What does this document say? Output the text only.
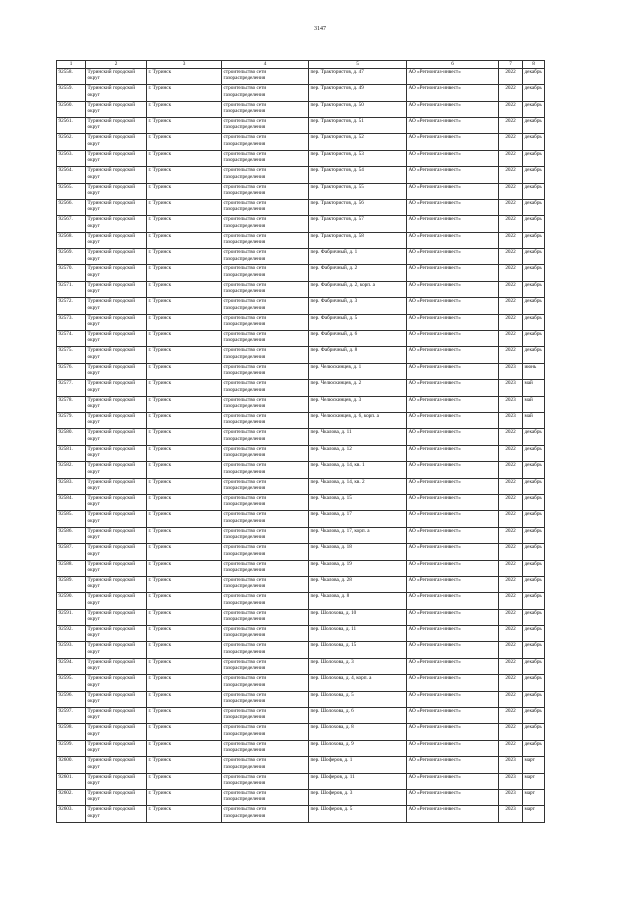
3147
1	2	3	4	5	6	7	8
92558.	Туринский городской округ	г. Туринск	строительство сети газораспределения	пер. Трактористов, д. 47	АО «Регионгаз-инвест»	2022	декабрь
92559.	Туринский городской округ	г. Туринск	строительство сети газораспределения	пер. Трактористов, д. 49	АО «Регионгаз-инвест»	2022	декабрь
92560.	Туринский городской округ	г. Туринск	строительство сети газораспределения	пер. Трактористов, д. 50	АО «Регионгаз-инвест»	2022	декабрь
92561.	Туринский городской округ	г. Туринск	строительство сети газораспределения	пер. Трактористов, д. 51	АО «Регионгаз-инвест»	2022	декабрь
92562.	Туринский городской округ	г. Туринск	строительство сети газораспределения	пер. Трактористов, д. 52	АО «Регионгаз-инвест»	2022	декабрь
92563.	Туринский городской округ	г. Туринск	строительство сети газораспределения	пер. Трактористов, д. 53	АО «Регионгаз-инвест»	2022	декабрь
92564.	Туринский городской округ	г. Туринск	строительство сети газораспределения	пер. Трактористов, д. 54	АО «Регионгаз-инвест»	2022	декабрь
92565.	Туринский городской округ	г. Туринск	строительство сети газораспределения	пер. Трактористов, д. 55	АО «Регионгаз-инвест»	2022	декабрь
92566.	Туринский городской округ	г. Туринск	строительство сети газораспределения	пер. Трактористов, д. 56	АО «Регионгаз-инвест»	2022	декабрь
92567.	Туринский городской округ	г. Туринск	строительство сети газораспределения	пер. Трактористов, д. 57	АО «Регионгаз-инвест»	2022	декабрь
92568.	Туринский городской округ	г. Туринск	строительство сети газораспределения	пер. Трактористов, д. 58	АО «Регионгаз-инвест»	2022	декабрь
92569.	Туринский городской округ	г. Туринск	строительство сети газораспределения	пер. Фабричный, д. 1	АО «Регионгаз-инвест»	2022	декабрь
92570.	Туринский городской округ	г. Туринск	строительство сети газораспределения	пер. Фабричный, д. 2	АО «Регионгаз-инвест»	2022	декабрь
92571.	Туринский городской округ	г. Туринск	строительство сети газораспределения	пер. Фабричный, д. 2, корп. а	АО «Регионгаз-инвест»	2022	декабрь
92572.	Туринский городской округ	г. Туринск	строительство сети газораспределения	пер. Фабричный, д. 3	АО «Регионгаз-инвест»	2022	декабрь
92573.	Туринский городской округ	г. Туринск	строительство сети газораспределения	пер. Фабричный, д. 5	АО «Регионгаз-инвест»	2022	декабрь
92574.	Туринский городской округ	г. Туринск	строительство сети газораспределения	пер. Фабричный, д. 6	АО «Регионгаз-инвест»	2022	декабрь
92575.	Туринский городской округ	г. Туринск	строительство сети газораспределения	пер. Фабричный, д. 8	АО «Регионгаз-инвест»	2022	декабрь
92576.	Туринский городской округ	г. Туринск	строительство сети газораспределения	пер. Челюскинцев, д. 1	АО «Регионгаз-инвест»	2023	июнь
92577.	Туринский городской округ	г. Туринск	строительство сети газораспределения	пер. Челюскинцев, д. 2	АО «Регионгаз-инвест»	2023	май
92578.	Туринский городской округ	г. Туринск	строительство сети газораспределения	пер. Челюскинцев, д. 3	АО «Регионгаз-инвест»	2023	май
92579.	Туринский городской округ	г. Туринск	строительство сети газораспределения	пер. Челюскинцев, д. 6, корп. а	АО «Регионгаз-инвест»	2023	май
92580.	Туринский городской округ	г. Туринск	строительство сети газораспределения	пер. Чкалова, д. 11	АО «Регионгаз-инвест»	2022	декабрь
92581.	Туринский городской округ	г. Туринск	строительство сети газораспределения	пер. Чкалова, д. 12	АО «Регионгаз-инвест»	2022	декабрь
92582.	Туринский городской округ	г. Туринск	строительство сети газораспределения	пер. Чкалова, д. 14, кв. 1	АО «Регионгаз-инвест»	2022	декабрь
92583.	Туринский городской округ	г. Туринск	строительство сети газораспределения	пер. Чкалова, д. 14, кв. 2	АО «Регионгаз-инвест»	2022	декабрь
92584.	Туринский городской округ	г. Туринск	строительство сети газораспределения	пер. Чкалова, д. 15	АО «Регионгаз-инвест»	2022	декабрь
92585.	Туринский городской округ	г. Туринск	строительство сети газораспределения	пер. Чкалова, д. 17	АО «Регионгаз-инвест»	2022	декабрь
92586.	Туринский городской округ	г. Туринск	строительство сети газораспределения	пер. Чкалова, д. 17, корп. а	АО «Регионгаз-инвест»	2022	декабрь
92587.	Туринский городской округ	г. Туринск	строительство сети газораспределения	пер. Чкалова, д. 18	АО «Регионгаз-инвест»	2022	декабрь
92588.	Туринский городской округ	г. Туринск	строительство сети газораспределения	пер. Чкалова, д. 19	АО «Регионгаз-инвест»	2022	декабрь
92589.	Туринский городской округ	г. Туринск	строительство сети газораспределения	пер. Чкалова, д. 28	АО «Регионгаз-инвест»	2022	декабрь
92590.	Туринский городской округ	г. Туринск	строительство сети газораспределения	пер. Чкалова, д. 8	АО «Регионгаз-инвест»	2022	декабрь
92591.	Туринский городской округ	г. Туринск	строительство сети газораспределения	пер. Шолохова, д. 10	АО «Регионгаз-инвест»	2022	декабрь
92592.	Туринский городской округ	г. Туринск	строительство сети газораспределения	пер. Шолохова, д. 11	АО «Регионгаз-инвест»	2022	декабрь
92593.	Туринский городской округ	г. Туринск	строительство сети газораспределения	пер. Шолохова, д. 15	АО «Регионгаз-инвест»	2022	декабрь
92594.	Туринский городской округ	г. Туринск	строительство сети газораспределения	пер. Шолохова, д. 3	АО «Регионгаз-инвест»	2022	декабрь
92595.	Туринский городской округ	г. Туринск	строительство сети газораспределения	пер. Шолохова, д. 4, корп. а	АО «Регионгаз-инвест»	2022	декабрь
92596.	Туринский городской округ	г. Туринск	строительство сети газораспределения	пер. Шолохова, д. 5	АО «Регионгаз-инвест»	2022	декабрь
92597.	Туринский городской округ	г. Туринск	строительство сети газораспределения	пер. Шолохова, д. 6	АО «Регионгаз-инвест»	2022	декабрь
92598.	Туринский городской округ	г. Туринск	строительство сети газораспределения	пер. Шолохова, д. 8	АО «Регионгаз-инвест»	2022	декабрь
92599.	Туринский городской округ	г. Туринск	строительство сети газораспределения	пер. Шолохова, д. 9	АО «Регионгаз-инвест»	2022	декабрь
92600.	Туринский городской округ	г. Туринск	строительство сети газораспределения	пер. Шоферов, д. 1	АО «Регионгаз-инвест»	2023	март
92601.	Туринский городской округ	г. Туринск	строительство сети газораспределения	пер. Шоферов, д. 11	АО «Регионгаз-инвест»	2023	март
92602.	Туринский городской округ	г. Туринск	строительство сети газораспределения	пер. Шоферов, д. 3	АО «Регионгаз-инвест»	2023	март
92603.	Туринский городской округ	г. Туринск	строительство сети газораспределения	пер. Шоферов, д. 5	АО «Регионгаз-инвест»	2023	март
